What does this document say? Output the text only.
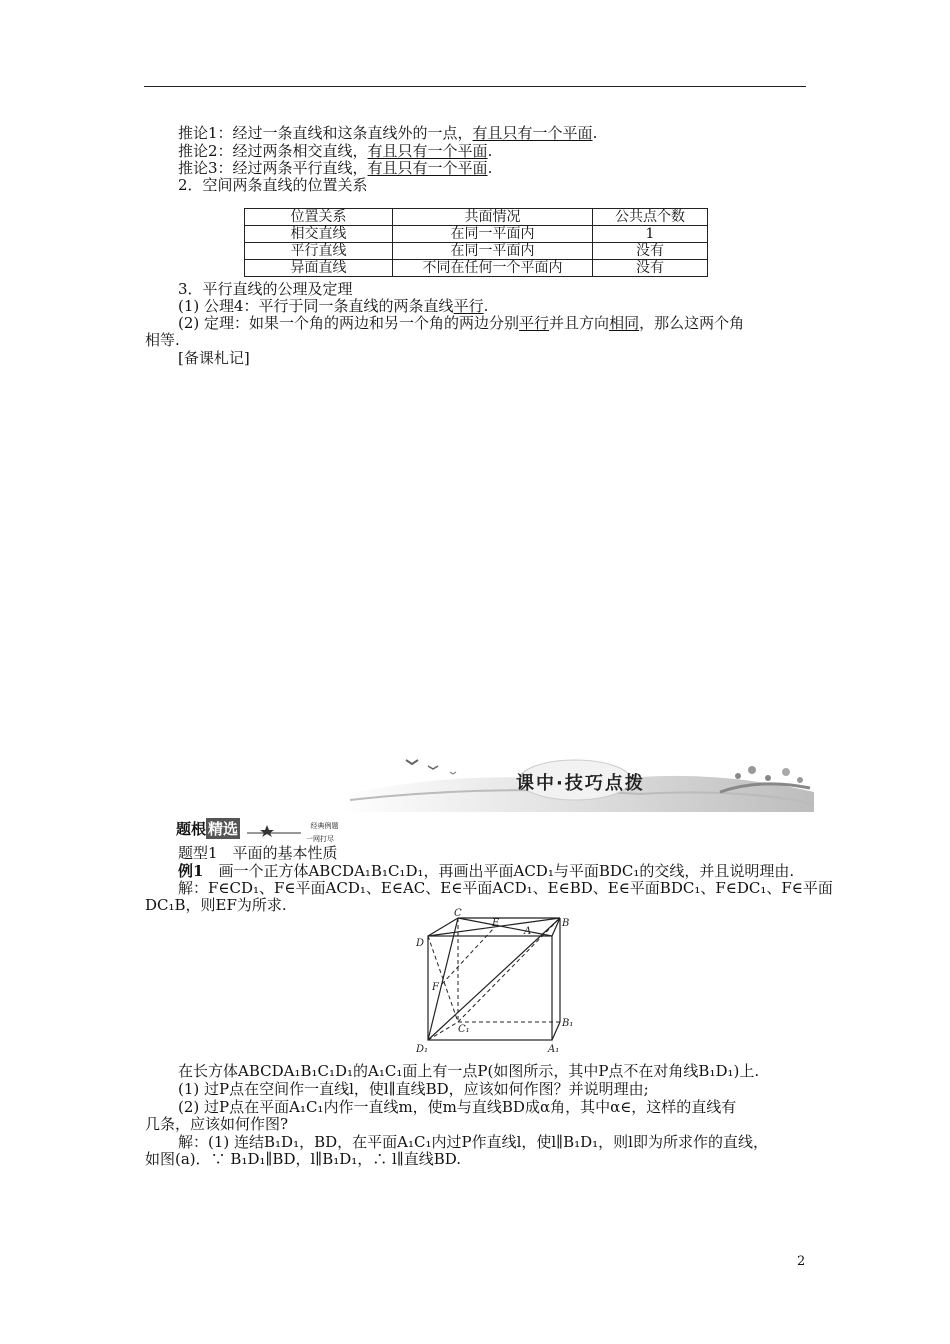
推论1：经过一条直线和这条直线外的一点，有且只有一个平面.
推论2：经过两条相交直线，有且只有一个平面.
推论3：经过两条平行直线，有且只有一个平面.
2．空间两条直线的位置关系
位置关系	共面情况	公共点个数
相交直线	在同一平面内	1
平行直线	在同一平面内	没有
异面直线	不同在任何一个平面内	没有
3．平行直线的公理及定理
(1) 公理4：平行于同一条直线的两条直线平行.
(2) 定理：如果一个角的两边和另一个角的两边分别平行并且方向相同，那么这两个角
相等.
[备课札记]
课中·技巧点拨
题根 精选	$^{经典例题}$
一网打尽
题型1　平面的基本性质
例1　画一个正方体ABCDA₁B₁C₁D₁，再画出平面ACD₁与平面BDC₁的交线，并且说明理由.
解：F∈CD₁、F∈平面ACD₁、E∈AC、E∈平面ACD₁、E∈BD、E∈平面BDC₁、F∈DC₁、F∈平面
DC₁B，则EF为所求.	C
B
D
E
A
F
C₁
B₁
D₁	A₁
在长方体ABCDA₁B₁C₁D₁的A₁C₁面上有一点P(如图所示，其中P点不在对角线B₁D₁)上.
(1) 过P点在空间作一直线l，使l∥直线BD，应该如何作图？并说明理由;
(2) 过P点在平面A₁C₁内作一直线m，使m与直线BD成α角，其中α∈，这样的直线有
几条，应该如何作图?
解：(1) 连结B₁D₁，BD，在平面A₁C₁内过P作直线l，使l∥B₁D₁，则l即为所求作的直线，
如图(a)．∵ B₁D₁∥BD，l∥B₁D₁，∴ l∥直线BD.
2
